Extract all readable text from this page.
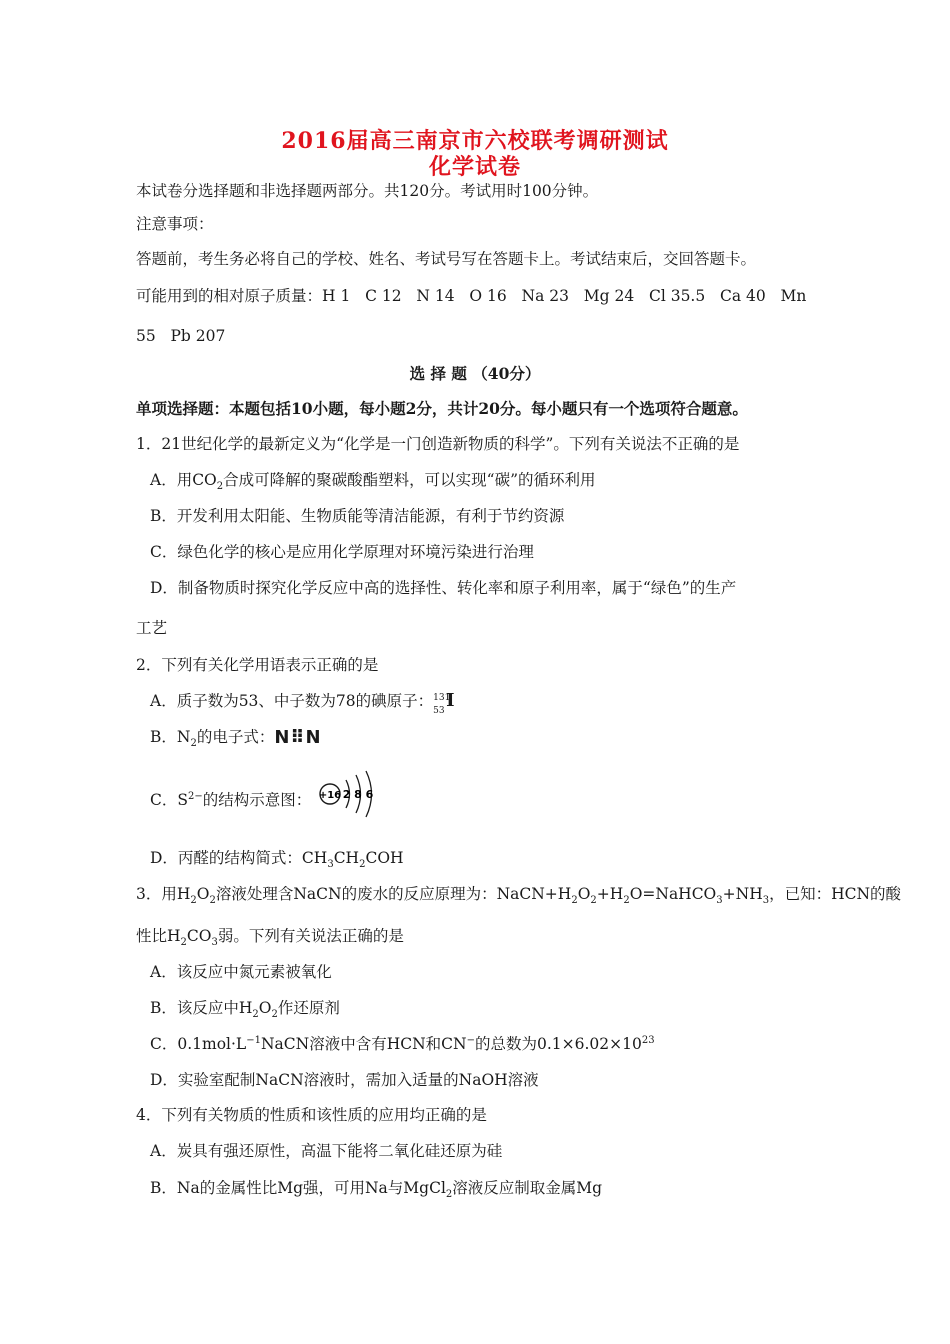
2016届高三南京市六校联考调研测试
化学试卷
本试卷分选择题和非选择题两部分。共120分。考试用时100分钟。
注意事项：
答题前，考生务必将自己的学校、姓名、考试号写在答题卡上。考试结束后，交回答题卡。
可能用到的相对原子质量：H 1   C 12   N 14   O 16   Na 23   Mg 24   Cl 35.5   Ca 40   Mn
55   Pb 207
选 择 题 （40分）
单项选择题：本题包括10小题，每小题2分，共计20分。每小题只有一个选项符合题意。
1．21世纪化学的最新定义为“化学是一门创造新物质的科学”。下列有关说法不正确的是
A．用$CO_2$合成可降解的聚碳酸酯塑料，可以实现“碳”的循环利用
B．开发利用太阳能、生物质能等清洁能源，有利于节约资源
C．绿色化学的核心是应用化学原理对环境污染进行治理
D．制备物质时探究化学反应中高的选择性、转化率和原子利用率，属于“绿色”的生产
工艺
2．下列有关化学用语表示正确的是
A．质子数为53、中子数为78的碘原子： 131
53 I
B．$N_2$的电子式：N⠿N
C．$S^{2-}$的结构示意图： +16 2 8 6
D．丙醛的结构简式：$CH_3CH_2COH$
3．用$H_2O_2$溶液处理含NaCN的废水的反应原理为：$NaCN+H_2O_2+H_2O=NaHCO_3+NH_3$，已知：HCN的酸
性比$H_2CO_3$弱。下列有关说法正确的是
A．该反应中氮元素被氧化
B．该反应中$H_2O_2$作还原剂
C．$0.1mol\cdot L^{-1}NaCN$溶液中含有HCN和CN−的总数为$0.1\times 6.02\times 10^{23}$
D．实验室配制NaCN溶液时，需加入适量的NaOH溶液
4．下列有关物质的性质和该性质的应用均正确的是
A．炭具有强还原性，高温下能将二氧化硅还原为硅
B．Na的金属性比Mg强，可用Na与MgCl$_2$溶液反应制取金属Mg
